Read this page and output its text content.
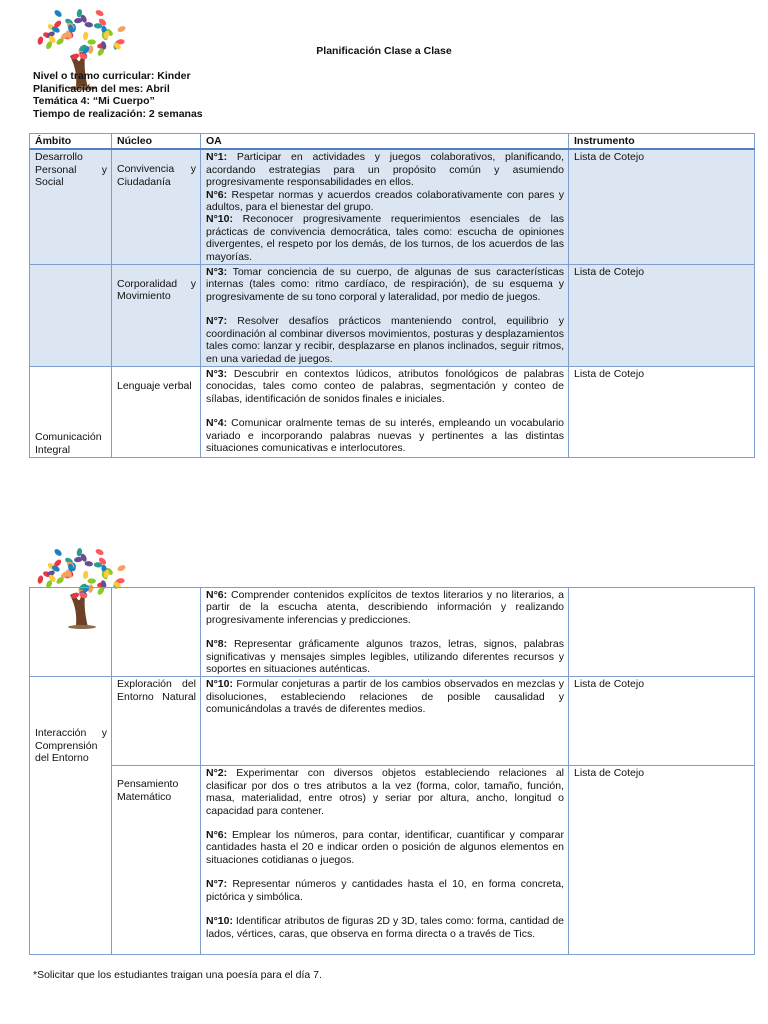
Planificación Clase a Clase
Nivel o tramo curricular: Kinder
Planificación del mes: Abril
Temática 4: “Mi Cuerpo”
Tiempo de realización: 2 semanas
Ámbito	Núcleo	OA	Instrumento
Desarrollo Personal y Social	Convivencia y Ciudadanía	N°1: Participar en actividades y juegos colaborativos, planificando, acordando estrategias para un propósito común y asumiendo progresivamente responsabilidades en ellos.

N°6: Respetar normas y acuerdos creados colaborativamente con pares y adultos, para el bienestar del grupo.

N°10: Reconocer progresivamente requerimientos esenciales de las prácticas de convivencia democrática, tales como: escucha de opiniones divergentes, el respeto por los demás, de los turnos, de los acuerdos de las mayorías.	Lista de Cotejo
	Corporalidad y Movimiento	N°3: Tomar conciencia de su cuerpo, de algunas de sus características internas (tales como: ritmo cardíaco, de respiración), de su esquema y progresivamente de su tono corporal y lateralidad, por medio de juegos.

N°7: Resolver desafíos prácticos manteniendo control, equilibrio y coordinación al combinar diversos movimientos, posturas y desplazamientos tales como: lanzar y recibir, desplazarse en planos inclinados, seguir ritmos, en una variedad de juegos.	Lista de Cotejo
Comunicación Integral	Lenguaje verbal	N°3: Descubrir en contextos lúdicos, atributos fonológicos de palabras conocidas, tales como conteo de palabras, segmentación y conteo de sílabas, identificación de sonidos finales e iniciales.

N°4: Comunicar oralmente temas de su interés, empleando un vocabulario variado e incorporando palabras nuevas y pertinentes a las distintas situaciones comunicativas e interlocutores.	Lista de Cotejo

		N°6: Comprender contenidos explícitos de textos literarios y no literarios, a partir de la escucha atenta, describiendo información y realizando progresivamente inferencias y predicciones.

N°8: Representar gráficamente algunos trazos, letras, signos, palabras significativas y mensajes simples legibles, utilizando diferentes recursos y soportes en situaciones auténticas.	

Interacción y Comprensión del Entorno	Exploración del Entorno Natural	N°10: Formular conjeturas a partir de los cambios observados en mezclas y disoluciones, estableciendo relaciones de posible causalidad y comunicándolas a través de diferentes medios.	Lista de Cotejo
	Pensamiento Matemático	N°2: Experimentar con diversos objetos estableciendo relaciones al clasificar por dos o tres atributos a la vez (forma, color, tamaño, función, masa, materialidad, entre otros) y seriar por altura, ancho, longitud o capacidad para contener.

N°6: Emplear los números, para contar, identificar, cuantificar y comparar cantidades hasta el 20 e indicar orden o posición de algunos elementos en situaciones cotidianas o juegos.

N°7: Representar números y cantidades hasta el 10, en forma concreta, pictórica y simbólica.

N°10: Identificar atributos de figuras 2D y 3D, tales como: forma, cantidad de lados, vértices, caras, que observa en forma directa o a través de Tics.	Lista de Cotejo
*Solicitar que los estudiantes traigan una poesía para el día 7.
